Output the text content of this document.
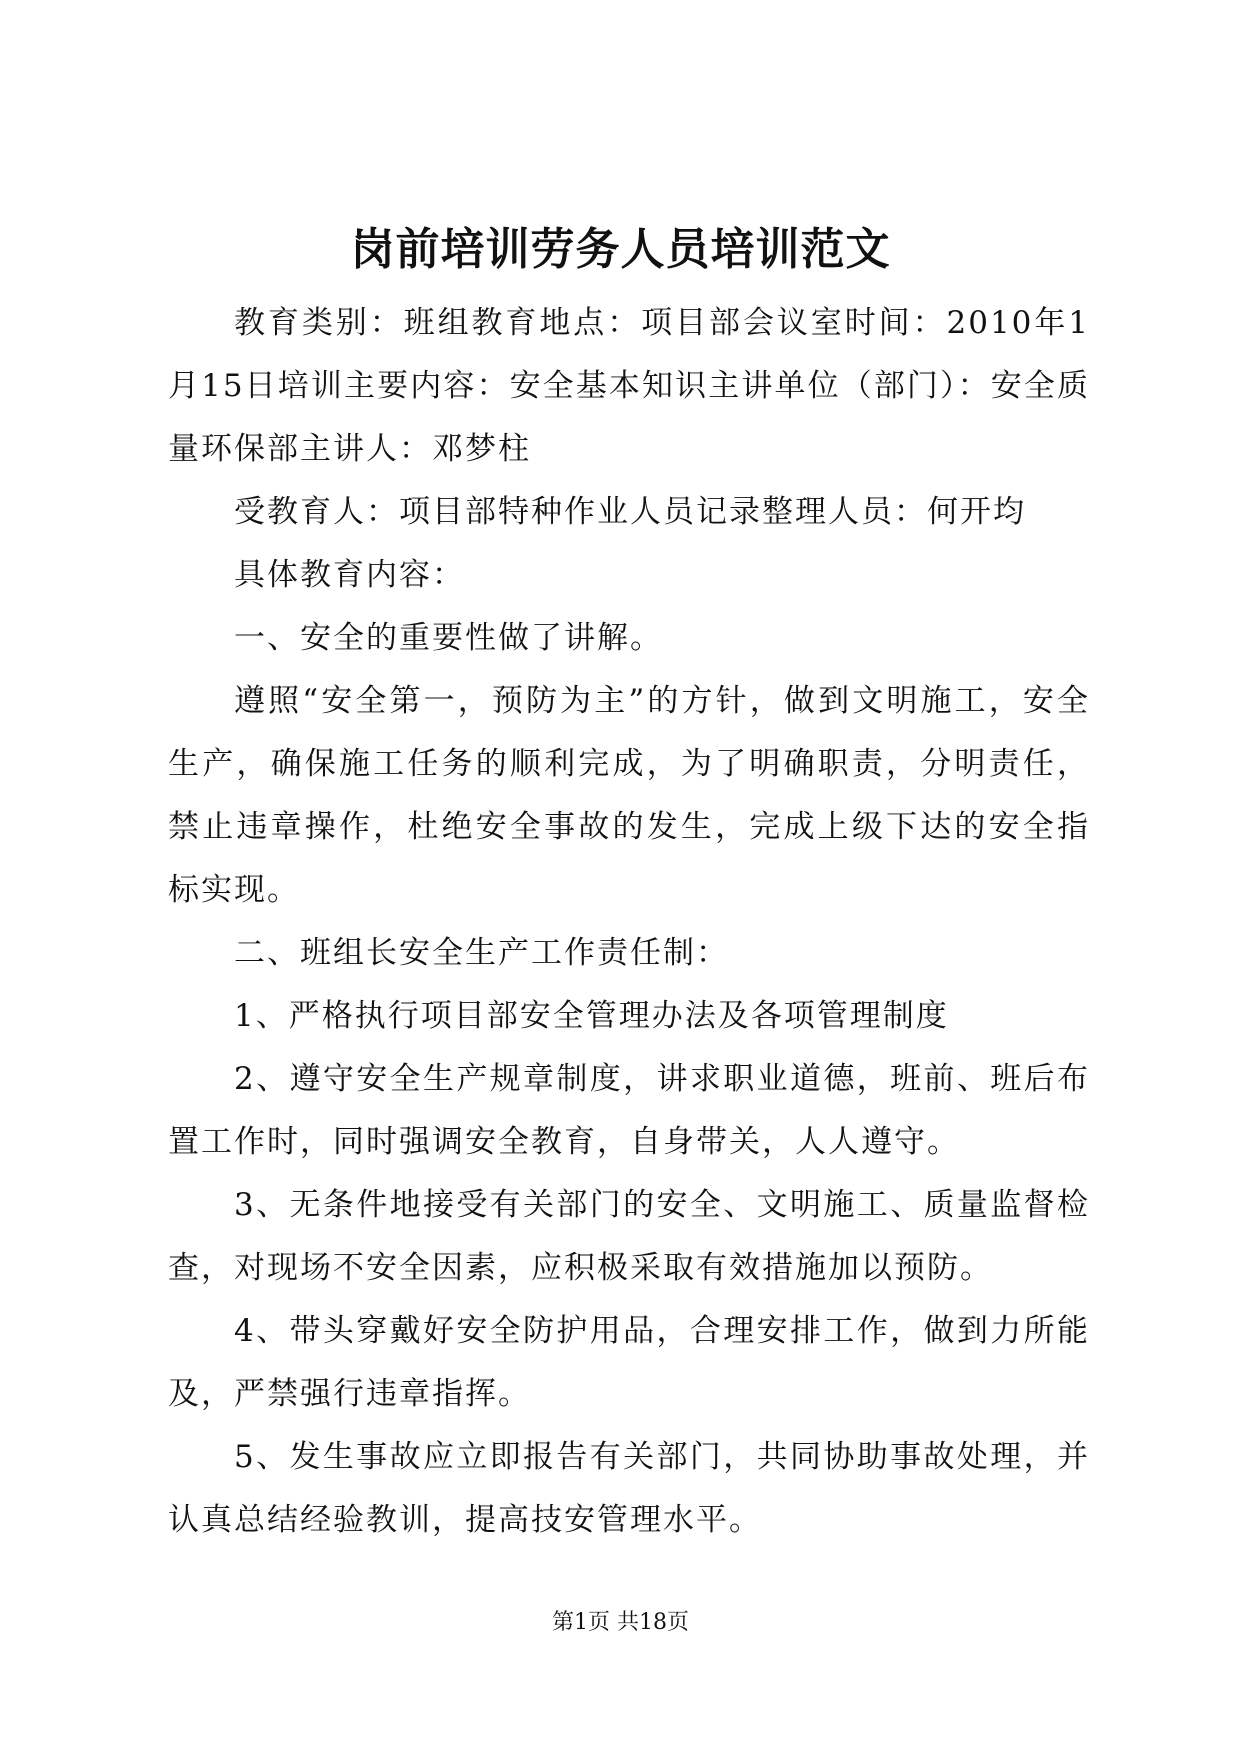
岗前培训劳务人员培训范文

教育类别：班组教育地点：项目部会议室时间：2010年1月15日培训主要内容：安全基本知识主讲单位（部门）：安全质量环保部主讲人：邓梦柱

受教育人：项目部特种作业人员记录整理人员：何开均

具体教育内容：

一、安全的重要性做了讲解。

遵照“安全第一，预防为主”的方针，做到文明施工，安全生产，确保施工任务的顺利完成，为了明确职责，分明责任，禁止违章操作，杜绝安全事故的发生，完成上级下达的安全指标实现。

二、班组长安全生产工作责任制：

1、严格执行项目部安全管理办法及各项管理制度

2、遵守安全生产规章制度，讲求职业道德，班前、班后布置工作时，同时强调安全教育，自身带关，人人遵守。

3、无条件地接受有关部门的安全、文明施工、质量监督检查，对现场不安全因素，应积极采取有效措施加以预防。

4、带头穿戴好安全防护用品，合理安排工作，做到力所能及，严禁强行违章指挥。

5、发生事故应立即报告有关部门，共同协助事故处理，并认真总结经验教训，提高技安管理水平。

第1页 共18页
